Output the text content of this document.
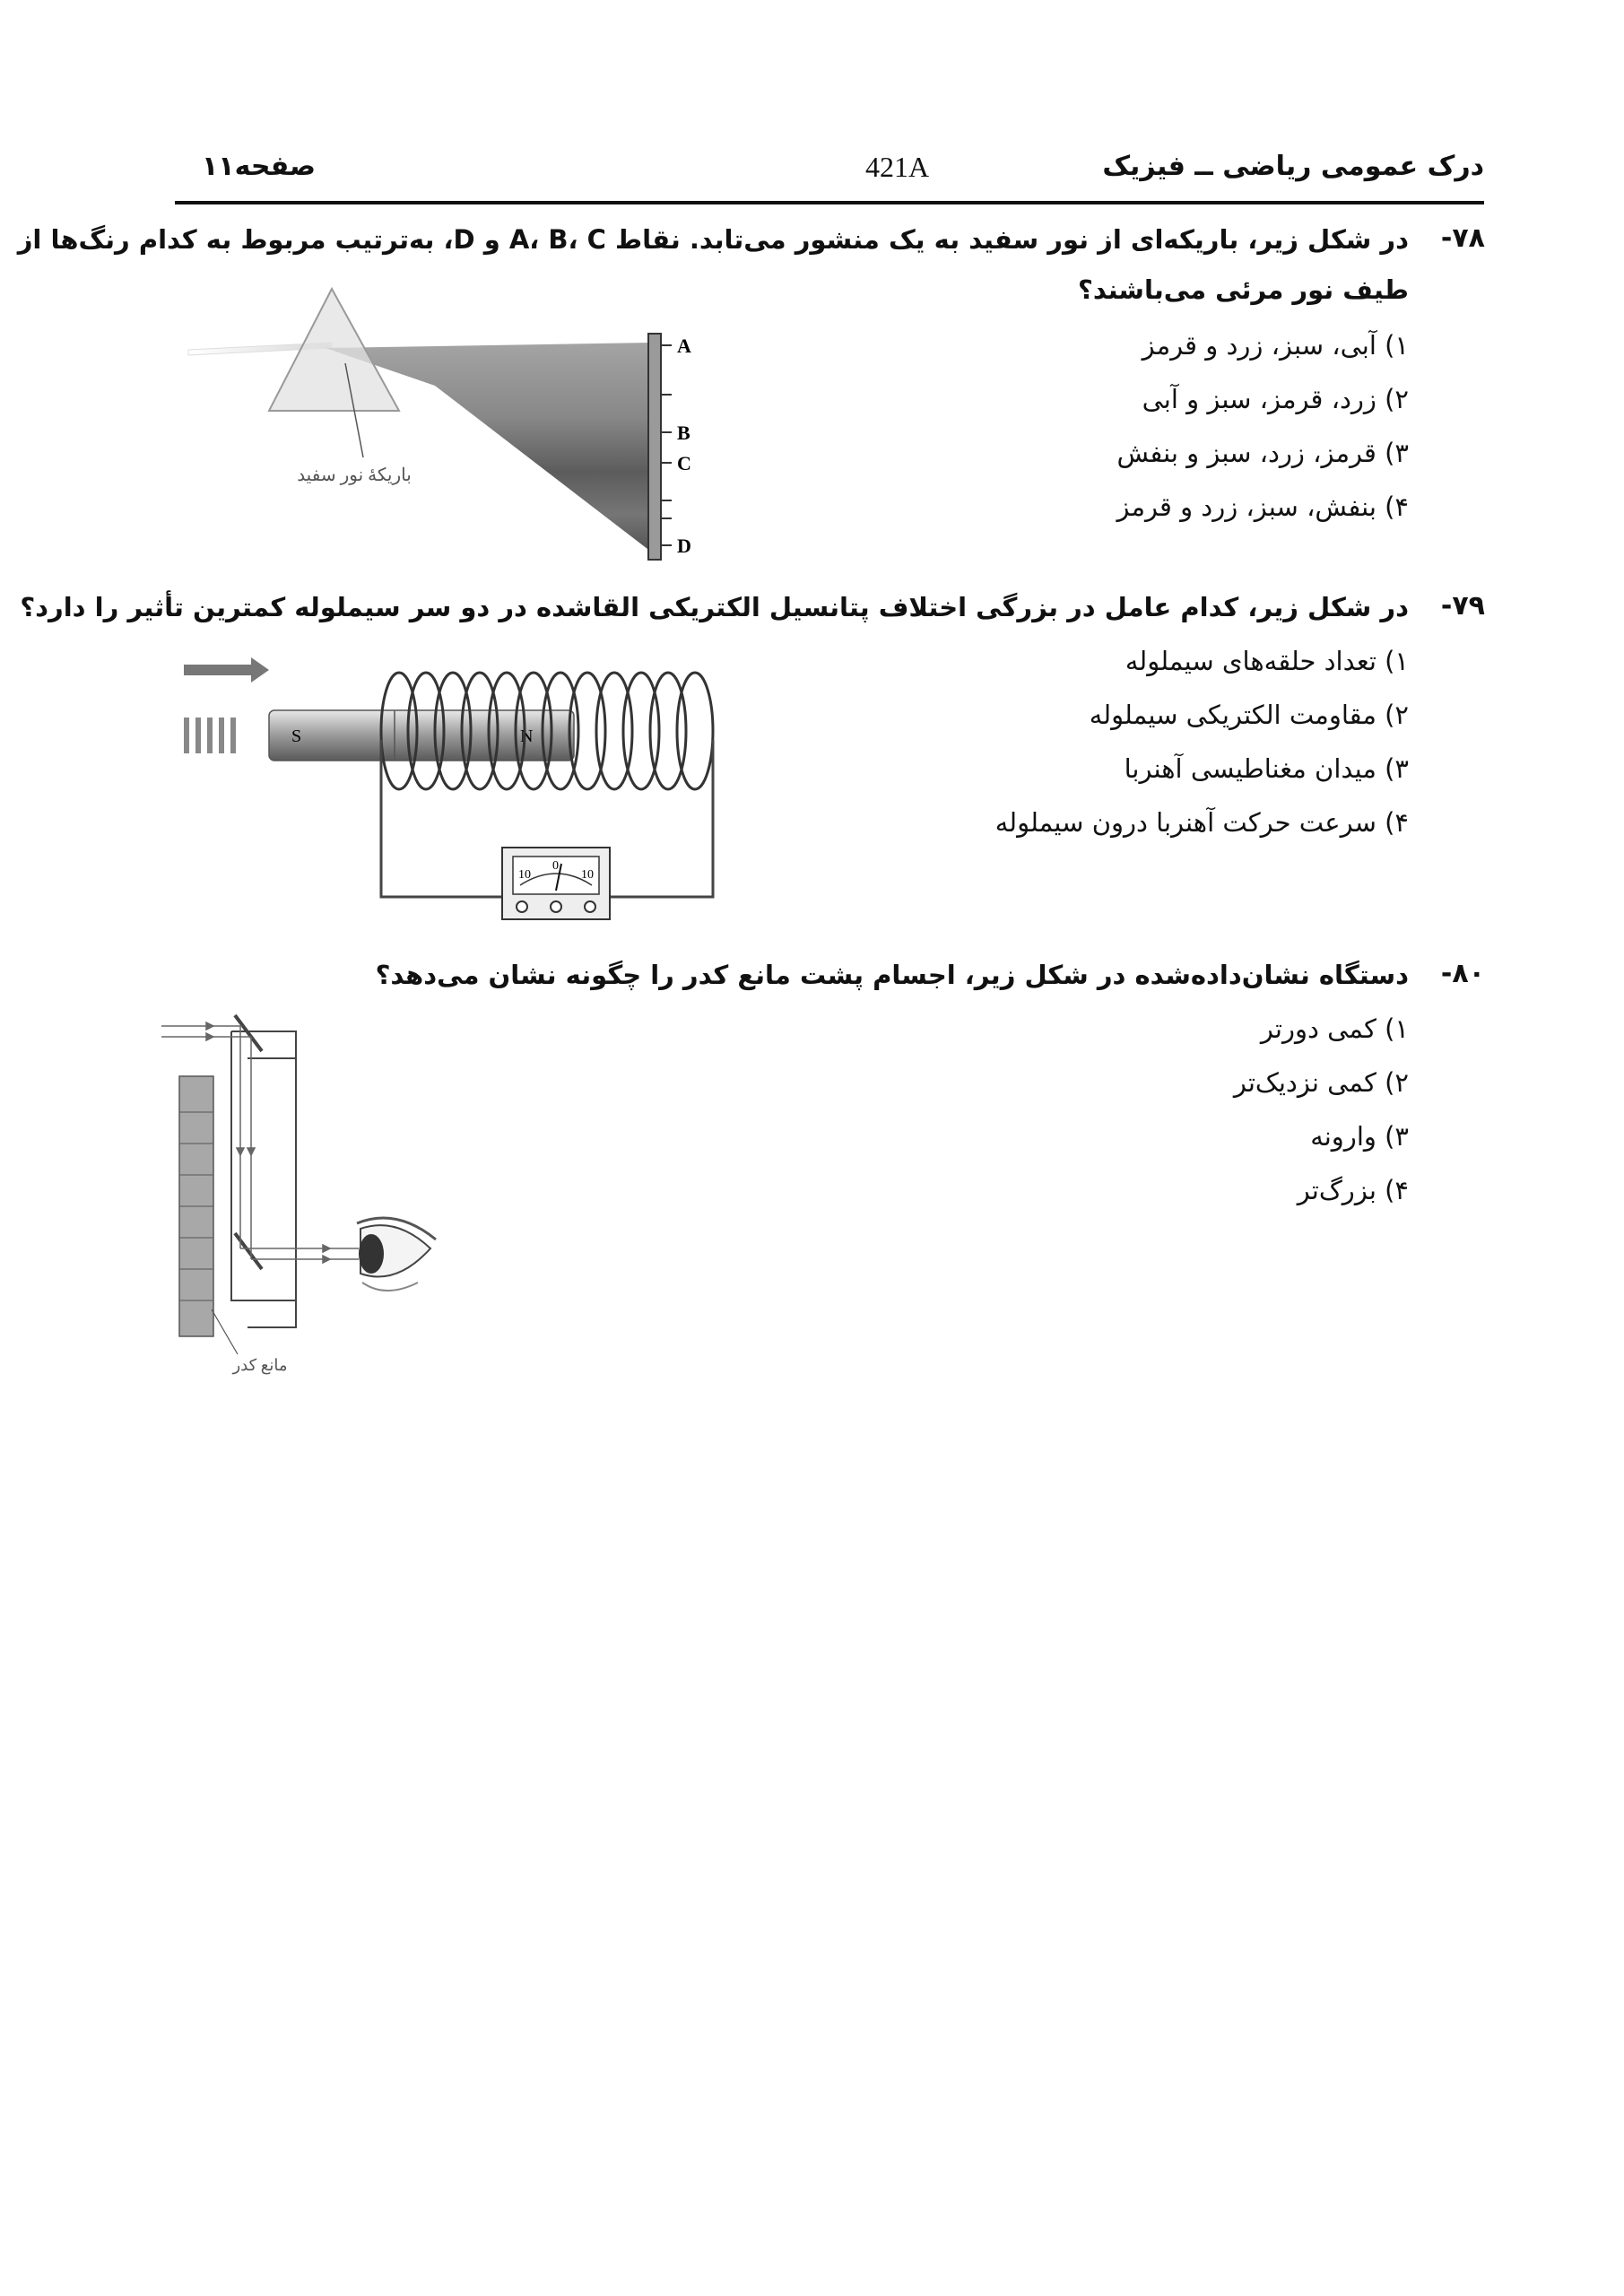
درک عمومی ریاضی ــ فیزیک
421A
صفحه۱۱
۷۸-
در شکل زیر، باریکه‌ای از نور سفید به یک منشور می‌تابد. نقاط A، B، C و D، به‌ترتیب مربوط به کدام رنگ‌ها از
طیف نور مرئی می‌باشند؟
۱) آبی، سبز، زرد و قرمز
۲) زرد، قرمز، سبز و آبی
۳) قرمز، زرد، سبز و بنفش
۴) بنفش، سبز، زرد و قرمز
باریکهٔ نور سفید
A
B
C
D
۷۹-
در شکل زیر، کدام عامل در بزرگی اختلاف پتانسیل الکتریکی القاشده در دو سر سیملوله کمترین تأثیر را دارد؟
۱) تعداد حلقه‌های سیملوله
۲) مقاومت الکتریکی سیملوله
۳) میدان مغناطیسی آهنربا
۴) سرعت حرکت آهنربا درون سیملوله
S	N
10
0
10
۸۰-
دستگاه نشان‌داده‌شده در شکل زیر، اجسام پشت مانع کدر را چگونه نشان می‌دهد؟
۱) کمی دورتر
۲) کمی نزدیک‌تر
۳) وارونه
۴) بزرگ‌تر
مانع کدر
